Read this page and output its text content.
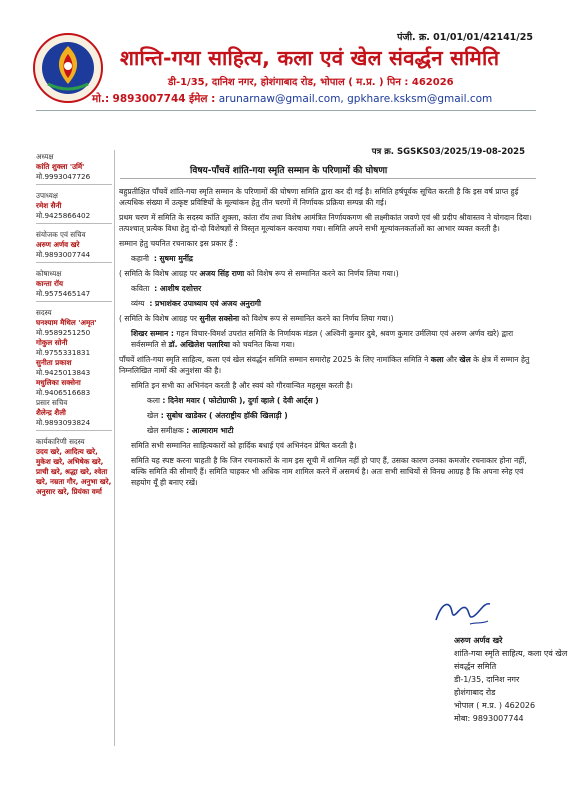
पंजी. क्र. 01/01/01/42141/25
शान्ति-गया साहित्य, कला एवं खेल संवर्द्धन समिति
डी-1/35, दानिश नगर, होशंगाबाद रोड, भोपाल ( म.प्र. ) पिन : 462026
मो.: 9893007744 ईमेल : arunarnaw@gmail.com, gpkhare.ksksm@gmail.com
पत्र क्र. SGSKS03/2025/19-08-2025
अध्यक्ष
कांति शुक्ला 'उर्मि'
मो.9993047726
उपाध्यक्ष
रमेश सैनी
मो.9425866402
संयोजक एवं सचिव
अरुण अर्णव खरे
मो.9893007744
कोषाध्यक्ष
कान्ता रॉय
मो.9575465147
सदस्य
घनश्याम मैथिल 'अमृत'
मो.9589251250
गोकुल सोनी
मो.9755331831
सुनीता प्रकाश
मो.9425013843
मधुलिका सक्सेना
मो.9406516683
प्रसार सचिव
शैलेन्द्र शैली
मो.9893093824
कार्यकारिणी सदस्य
उदय खरे, आदित्य खरे, मुकेश खरे, अभिषेक खरे, प्राची खरे, श्रद्धा खरे, श्वेता खरे, नम्रता गौर, अनुभा खरे, अनुसार खरे, प्रियंका वर्मा
विषय-पाँचवें शांति-गया स्मृति सम्मान के परिणामों की घोषणा

बहुप्रतीक्षित पाँचवें शांति-गया स्मृति सम्मान के परिणामों की घोषणा समिति द्वारा कर दी गई है। समिति हर्षपूर्वक सूचित करती है कि इस वर्ष प्राप्त हुई अत्यधिक संख्या में उत्कृष्ट प्रविष्टियों के मूल्यांकन हेतु तीन चरणों में निर्णायक प्रक्रिया सम्पन्न की गई।

प्रथम चरण में समिति के सदस्य कांति शुक्ला, कांता रॉय तथा विशेष आमंत्रित निर्णायकगण श्री लक्ष्मीकांत जवणे एवं श्री प्रदीप श्रीवास्तव ने योगदान दिया। तत्पश्चात् प्रत्येक विधा हेतु दो-दो विशेषज्ञों से विस्तृत मूल्यांकन करवाया गया। समिति अपने सभी मूल्यांकनकर्ताओं का आभार व्यक्त करती है।

सम्मान हेतु चयनित रचनाकार इस प्रकार हैं :

कहानी : सुषमा मुनींद्र

( समिति के विशेष आग्रह पर अजय सिंह राणा को विशेष रूप से सम्मानित करने का निर्णय लिया गया।)

कविता : आशीष दशोत्तर

व्यंग्य : प्रभाशंकर उपाध्याय एवं अजय अनुरागी

( समिति के विशेष आग्रह पर सुनील सक्सेना को विशेष रूप से सम्मानित करने का निर्णय लिया गया।)

शिखर सम्मान : गहन विचार-विमर्श उपरांत समिति के निर्णायक मंडल ( अश्विनी कुमार दुबे, श्रवण कुमार उर्मलिया एवं अरुण अर्णव खरे) द्वारा सर्वसम्मति से डॉ. अखिलेश पलारिया को चयनित किया गया।

पाँचवें शांति-गया स्मृति साहित्य, कला एवं खेल संवर्द्धन समिति सम्मान समारोह 2025 के लिए नामांकित समिति ने कला और खेल के क्षेत्र में सम्मान हेतु निम्नलिखित नामों की अनुशंसा की है।

समिति इन सभी का अभिनंदन करती है और स्वयं को गौरवान्वित महसूस करती है।

कला : दिनेश मवार ( फोटोग्राफी ), दुर्गा व्हाले ( देवी आर्ट्स )

खेल : सुबोध खाडेकर ( अंतराष्ट्रीय हॉकी खिलाड़ी )

खेल समीक्षक : आत्माराम भाटी

समिति सभी सम्मानित साहित्यकारों को हार्दिक बधाई एवं अभिनंदन प्रेषित करती है।

समिति यह स्पष्ट करना चाहती है कि जिन रचनाकारों के नाम इस सूची में शामिल नहीं हो पाए हैं, उसका कारण उनका कमजोर रचनाकार होना नहीं, बल्कि समिति की सीमाएँ हैं। समिति चाहकर भी अधिक नाम शामिल करने में असमर्थ है। अतः सभी साथियों से विनम्र आग्रह है कि अपना स्नेह एवं सहयोग यूँ ही बनाए रखें।

अरुण अर्णव खरे
शांति-गया स्मृति साहित्य, कला एवं खेल
संवर्द्धन समिति
डी-1/35, दानिश नगर
होशंगाबाद रोड
भोपाल ( म.प्र. ) 462026
मोबा: 9893007744
